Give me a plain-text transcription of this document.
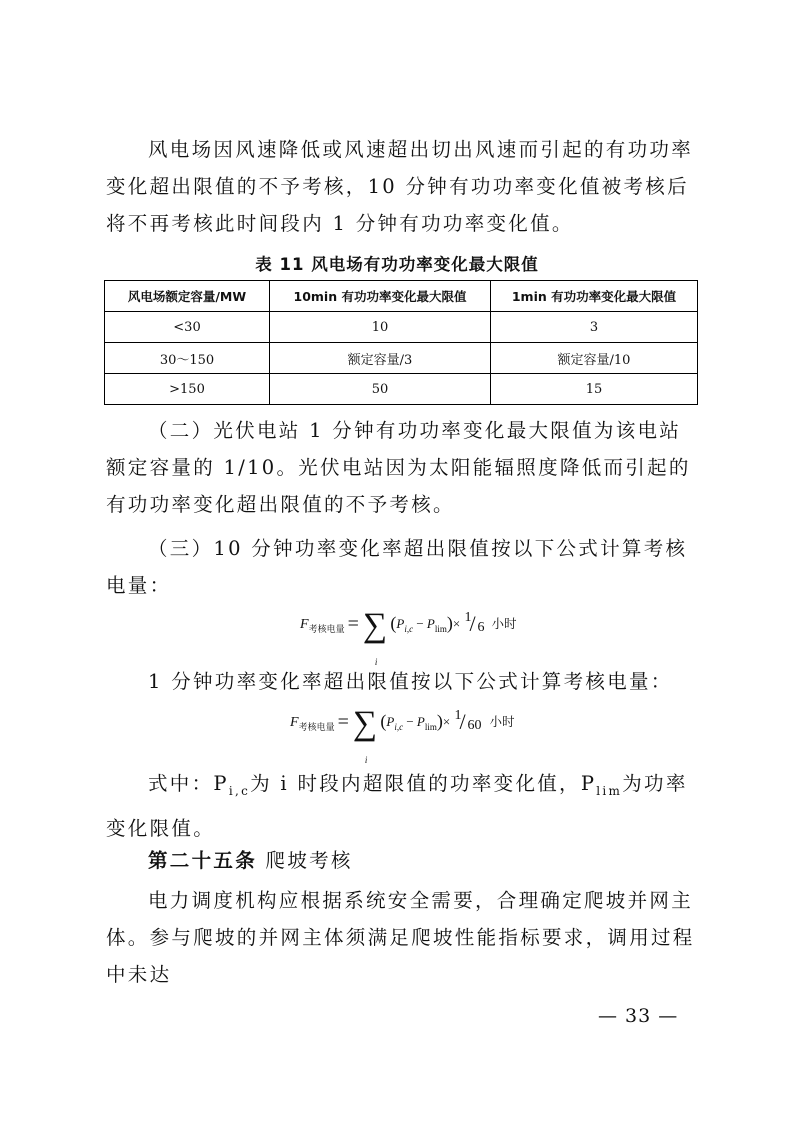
风电场因风速降低或风速超出切出风速而引起的有功功率变化超出限值的不予考核，10 分钟有功功率变化值被考核后将不再考核此时间段内 1 分钟有功功率变化值。

表 11 风电场有功功率变化最大限值
风电场额定容量/MW	10min 有功功率变化最大限值	1min 有功功率变化最大限值
<30	10	3
30～150	额定容量/3	额定容量/10
>150	50	15

（二）光伏电站 1 分钟有功功率变化最大限值为该电站额定容量的 1/10。光伏电站因为太阳能辐照度降低而引起的有功功率变化超出限值的不予考核。

（三）10 分钟功率变化率超出限值按以下公式计算考核电量：

$F_{考核电量}$ = ∑
i
$(P_{i,c} - P_{lim})\times 1$
/ 6 小时

1 分钟功率变化率超出限值按以下公式计算考核电量：

$F_{考核电量}$ = ∑
i
$(P_{i,c} - P_{lim})\times 1$
/ 60 小时

式中：$P_{i,c}$为 i 时段内超限值的功率变化值，$P_{lim}$为功率变化限值。

第二十五条 爬坡考核

电力调度机构应根据系统安全需要，合理确定爬坡并网主体。参与爬坡的并网主体须满足爬坡性能指标要求，调用过程中未达

— 33 —
